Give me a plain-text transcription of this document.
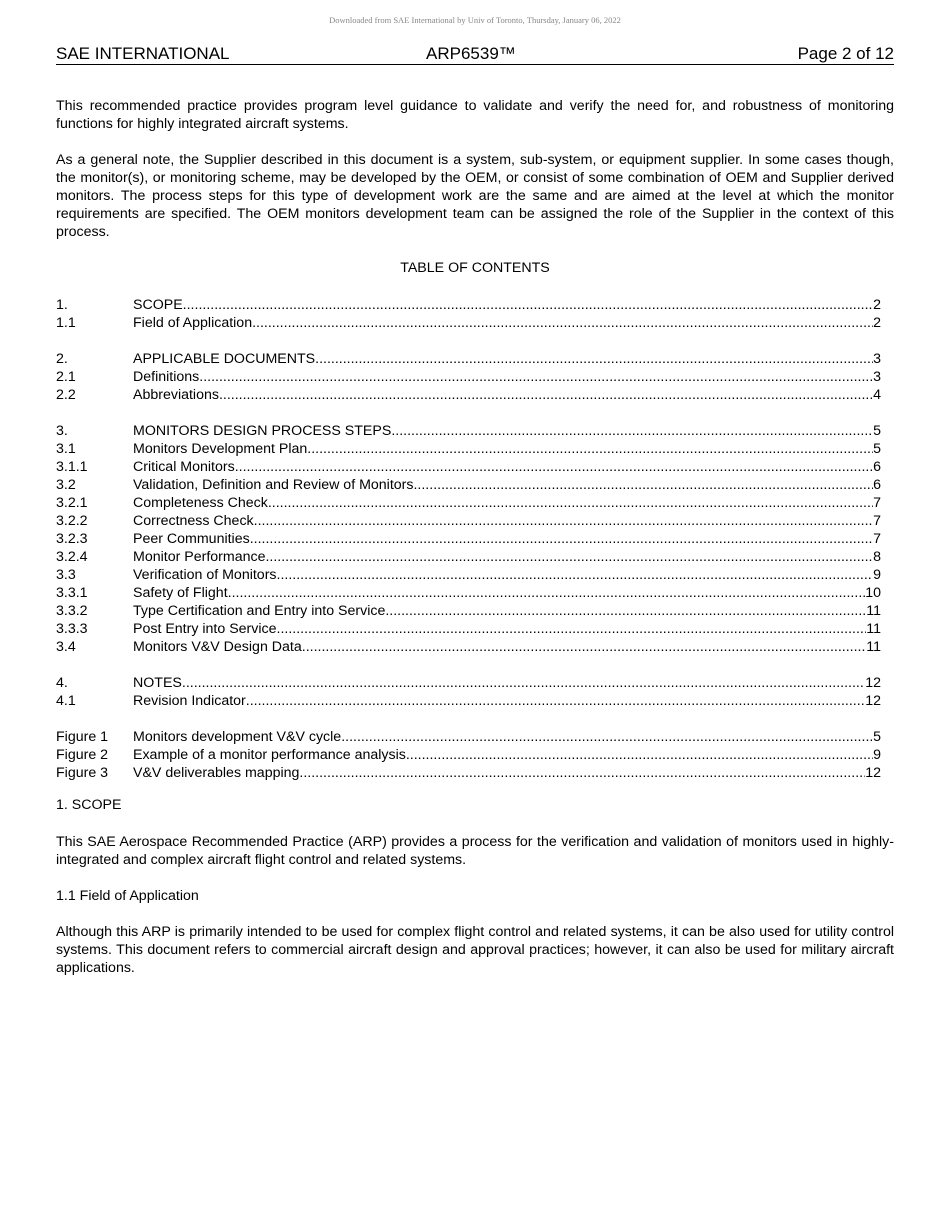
Downloaded from SAE International by Univ of Toronto, Thursday, January 06, 2022
SAE INTERNATIONAL	ARP6539™	Page 2 of 12

This recommended practice provides program level guidance to validate and verify the need for, and robustness of monitoring functions for highly integrated aircraft systems.

As a general note, the Supplier described in this document is a system, sub-system, or equipment supplier. In some cases though, the monitor(s), or monitoring scheme, may be developed by the OEM, or consist of some combination of OEM and Supplier derived monitors. The process steps for this type of development work are the same and are aimed at the level at which the monitor requirements are specified. The OEM monitors development team can be assigned the role of the Supplier in the context of this process.

TABLE OF CONTENTS
1.	SCOPE .....	2
1.1	Field of Application .....	2
2.	APPLICABLE DOCUMENTS .....	3
2.1	Definitions .....	3
2.2	Abbreviations .....	4
3.	MONITORS DESIGN PROCESS STEPS .....	5
3.1	Monitors Development Plan .....	5
3.1.1	Critical Monitors .....	6
3.2	Validation, Definition and Review of Monitors .....	6
3.2.1	Completeness Check .....	7
3.2.2	Correctness Check .....	7
3.2.3	Peer Communities .....	7
3.2.4	Monitor Performance .....	8
3.3	Verification of Monitors .....	9
3.3.1	Safety of Flight .....	10
3.3.2	Type Certification and Entry into Service .....	11
3.3.3	Post Entry into Service .....	11
3.4	Monitors V&V Design Data .....	11
4.	NOTES .....	12
4.1	Revision Indicator .....	12
Figure 1	Monitors development V&V cycle .....	5
Figure 2	Example of a monitor performance analysis .....	9
Figure 3	V&V deliverables mapping .....	12
1. SCOPE

This SAE Aerospace Recommended Practice (ARP) provides a process for the verification and validation of monitors used in highly-integrated and complex aircraft flight control and related systems.

1.1 Field of Application

Although this ARP is primarily intended to be used for complex flight control and related systems, it can be also used for utility control systems. This document refers to commercial aircraft design and approval practices; however, it can also be used for military aircraft applications.
